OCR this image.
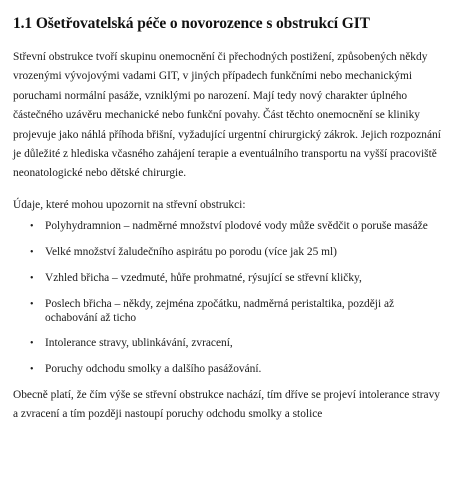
1.1 Ošetřovatelská péče o novorozence s obstrukcí GIT

Střevní obstrukce tvoří skupinu onemocnění či přechodných postižení, způsobených někdy vrozenými vývojovými vadami GIT, v jiných případech funkčními nebo mechanickými poruchami normální pasáže, vzniklými po narození. Mají tedy nový charakter úplného částečného uzávěru mechanické nebo funkční povahy. Část těchto onemocnění se kliniky projevuje jako náhlá příhoda břišní, vyžadující urgentní chirurgický zákrok. Jejich rozpoznání je důležité z hlediska včasného zahájení terapie a eventuálního transportu na vyšší pracoviště neonatologické nebo dětské chirurgie.

Údaje, které mohou upozornit na střevní obstrukci:

• Polyhydramnion – nadměrné množství plodové vody může svědčit o poruše masáže
• Velké množství žaludečního aspirátu po porodu (více jak 25 ml)
• Vzhled břicha – vzedmuté, hůře prohmatné, rýsující se střevní kličky,
• Poslech břicha – někdy, zejména zpočátku, nadměrná peristaltika, později až ochabování až ticho
• Intolerance stravy, ublinkávání, zvracení,
• Poruchy odchodu smolky a dalšího pasážování.

Obecně platí, že čím výše se střevní obstrukce nachází, tím dříve se projeví intolerance stravy a zvracení a tím později nastoupí poruchy odchodu smolky a stolice
